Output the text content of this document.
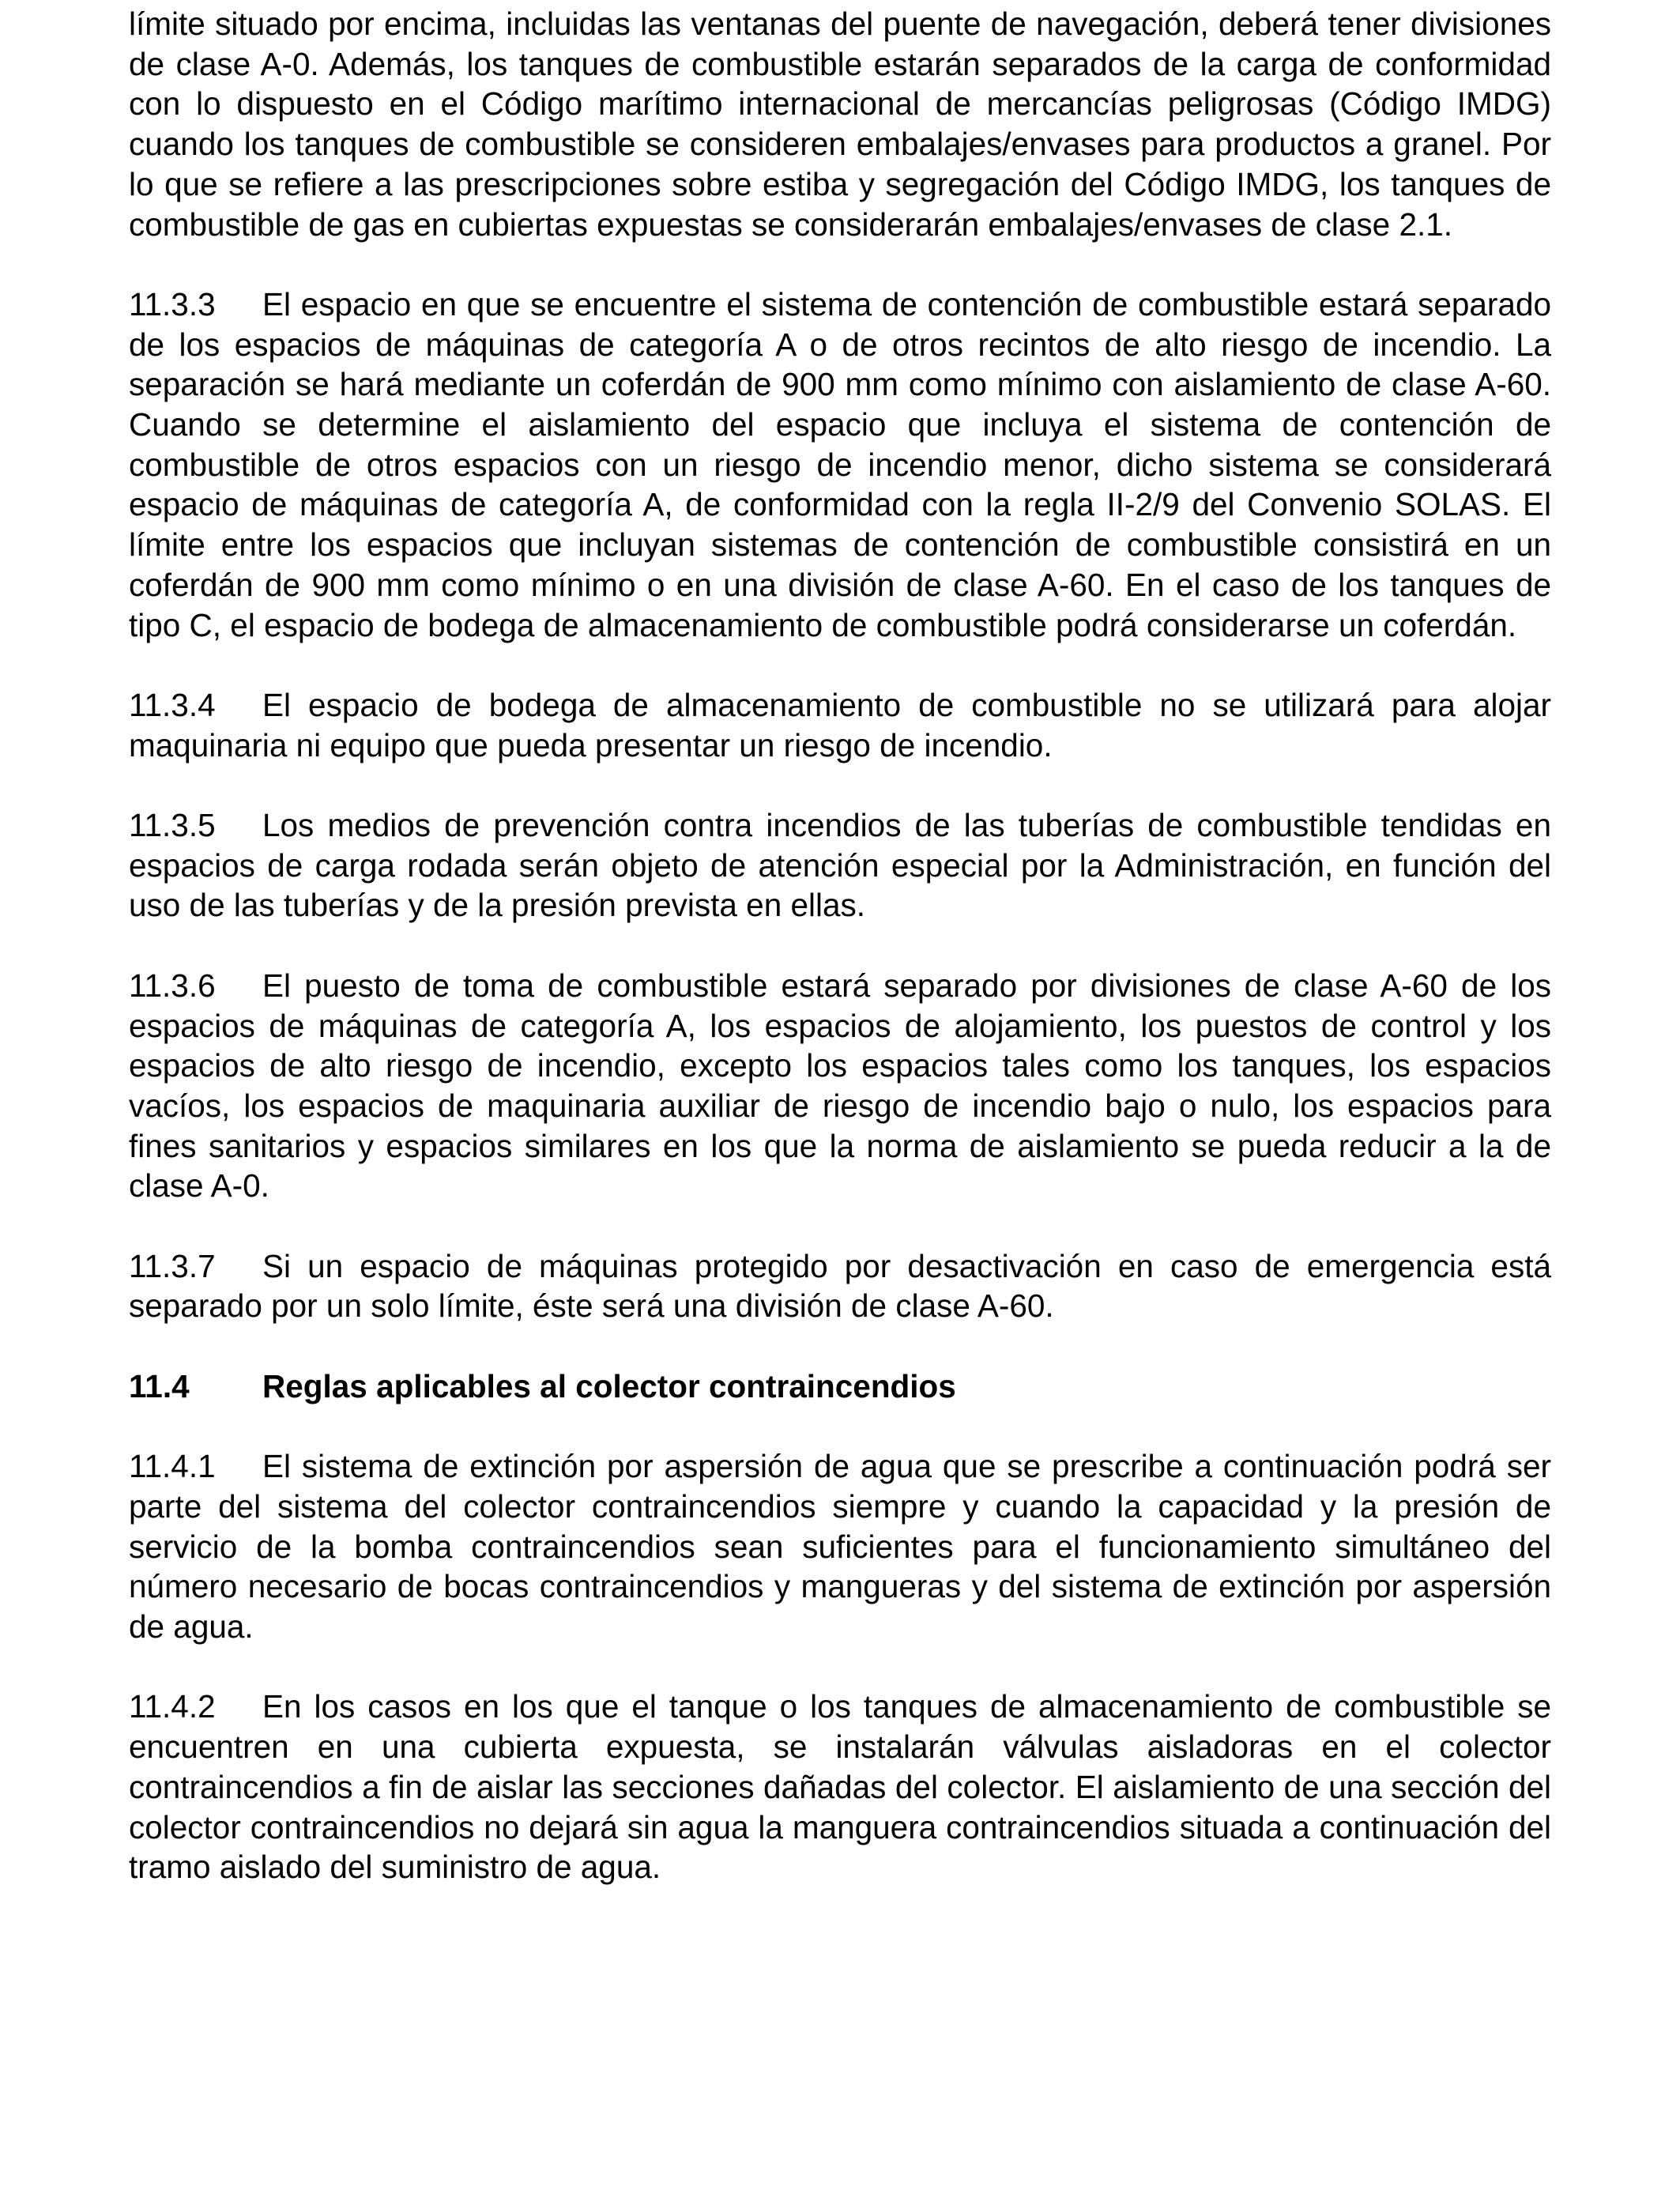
límite situado por encima, incluidas las ventanas del puente de navegación, deberá tener divisiones de clase A-0. Además, los tanques de combustible estarán separados de la carga de conformidad con lo dispuesto en el Código marítimo internacional de mercancías peligrosas (Código IMDG) cuando los tanques de combustible se consideren embalajes/envases para productos a granel. Por lo que se refiere a las prescripciones sobre estiba y segregación del Código IMDG, los tanques de combustible de gas en cubiertas expuestas se considerarán embalajes/envases de clase 2.1.

11.3.3 El espacio en que se encuentre el sistema de contención de combustible estará separado de los espacios de máquinas de categoría A o de otros recintos de alto riesgo de incendio. La separación se hará mediante un coferdán de 900 mm como mínimo con aislamiento de clase A-60. Cuando se determine el aislamiento del espacio que incluya el sistema de contención de combustible de otros espacios con un riesgo de incendio menor, dicho sistema se considerará espacio de máquinas de categoría A, de conformidad con la regla II-2/9 del Convenio SOLAS. El límite entre los espacios que incluyan sistemas de contención de combustible consistirá en un coferdán de 900 mm como mínimo o en una división de clase A-60. En el caso de los tanques de tipo C, el espacio de bodega de almacenamiento de combustible podrá considerarse un coferdán.

11.3.4 El espacio de bodega de almacenamiento de combustible no se utilizará para alojar maquinaria ni equipo que pueda presentar un riesgo de incendio.

11.3.5 Los medios de prevención contra incendios de las tuberías de combustible tendidas en espacios de carga rodada serán objeto de atención especial por la Administración, en función del uso de las tuberías y de la presión prevista en ellas.

11.3.6 El puesto de toma de combustible estará separado por divisiones de clase A-60 de los espacios de máquinas de categoría A, los espacios de alojamiento, los puestos de control y los espacios de alto riesgo de incendio, excepto los espacios tales como los tanques, los espacios vacíos, los espacios de maquinaria auxiliar de riesgo de incendio bajo o nulo, los espacios para fines sanitarios y espacios similares en los que la norma de aislamiento se pueda reducir a la de clase A-0.

11.3.7 Si un espacio de máquinas protegido por desactivación en caso de emergencia está separado por un solo límite, éste será una división de clase A-60.

11.4 Reglas aplicables al colector contraincendios

11.4.1 El sistema de extinción por aspersión de agua que se prescribe a continuación podrá ser parte del sistema del colector contraincendios siempre y cuando la capacidad y la presión de servicio de la bomba contraincendios sean suficientes para el funcionamiento simultáneo del número necesario de bocas contraincendios y mangueras y del sistema de extinción por aspersión de agua.

11.4.2 En los casos en los que el tanque o los tanques de almacenamiento de combustible se encuentren en una cubierta expuesta, se instalarán válvulas aisladoras en el colector contraincendios a fin de aislar las secciones dañadas del colector. El aislamiento de una sección del colector contraincendios no dejará sin agua la manguera contraincendios situada a continuación del tramo aislado del suministro de agua.
